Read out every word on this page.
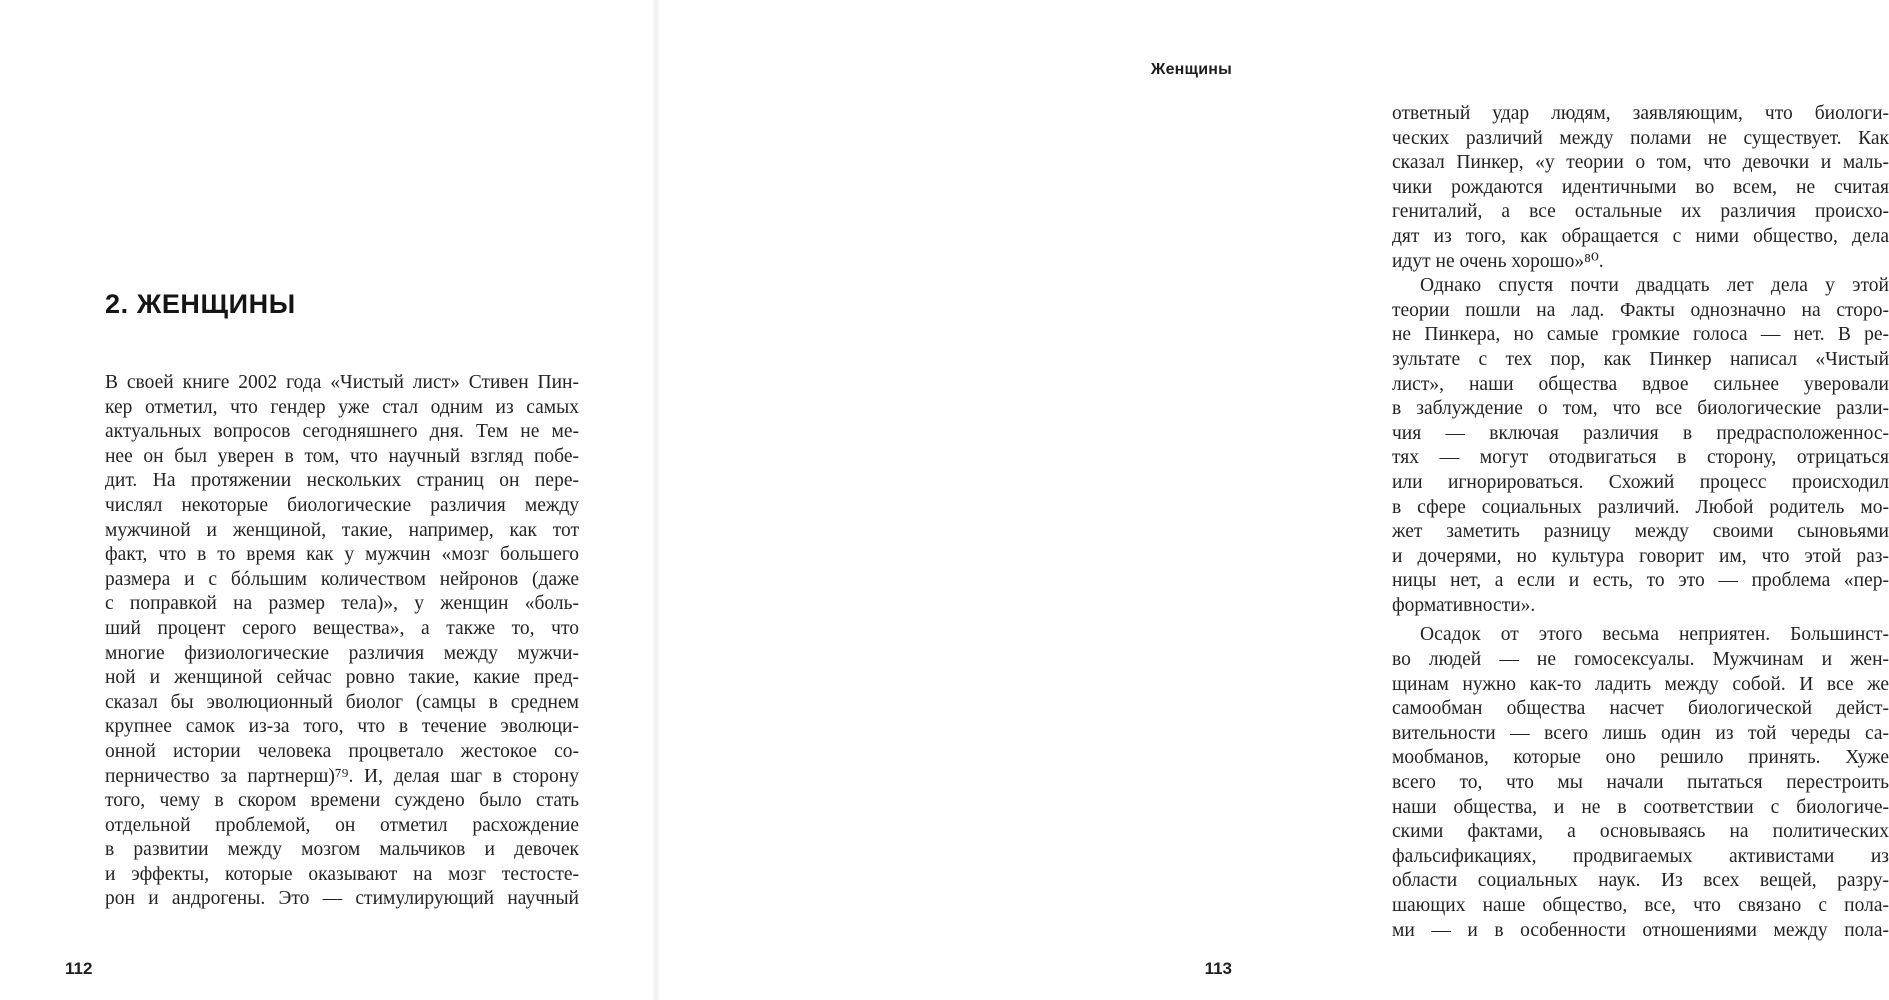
2. ЖЕНЩИНЫ
В своей книге 2002 года «Чистый лист» Стивен Пин-
кер отметил, что гендер уже стал одним из самых
актуальных вопросов сегодняшнего дня. Тем не ме-
нее он был уверен в том, что научный взгляд побе-
дит. На протяжении нескольких страниц он пере-
числял некоторые биологические различия между
мужчиной и женщиной, такие, например, как тот
факт, что в то время как у мужчин «мозг большего
размера и с бóльшим количеством нейронов (даже
с поправкой на размер тела)», у женщин «боль-
ший процент серого вещества», а также то, что
многие физиологические различия между мужчи-
ной и женщиной сейчас ровно такие, какие пред-
сказал бы эволюционный биолог (самцы в среднем
крупнее самок из-за того, что в течение эволюци-
онной истории человека процветало жестокое со-
перничество за партнерш)⁷⁹. И, делая шаг в сторону
того, чему в скором времени суждено было стать
отдельной проблемой, он отметил расхождение
в развитии между мозгом мальчиков и девочек
и эффекты, которые оказывают на мозг тестосте-
рон и андрогены. Это — стимулирующий научный
112
Женщины
ответный удар людям, заявляющим, что биологи-
ческих различий между полами не существует. Как
сказал Пинкер, «у теории о том, что девочки и маль-
чики рождаются идентичными во всем, не считая
гениталий, а все остальные их различия происхо-
дят из того, как обращается с ними общество, дела
идут не очень хорошо»⁸⁰.
Однако спустя почти двадцать лет дела у этой
теории пошли на лад. Факты однозначно на сторо-
не Пинкера, но самые громкие голоса — нет. В ре-
зультате с тех пор, как Пинкер написал «Чистый
лист», наши общества вдвое сильнее уверовали
в заблуждение о том, что все биологические разли-
чия — включая различия в предрасположеннос-
тях — могут отодвигаться в сторону, отрицаться
или игнорироваться. Схожий процесс происходил
в сфере социальных различий. Любой родитель мо-
жет заметить разницу между своими сыновьями
и дочерями, но культура говорит им, что этой раз-
ницы нет, а если и есть, то это — проблема «пер-
формативности».
Осадок от этого весьма неприятен. Большинст-
во людей — не гомосексуалы. Мужчинам и жен-
щинам нужно как-то ладить между собой. И все же
самообман общества насчет биологической дейст-
вительности — всего лишь один из той череды са-
мообманов, которые оно решило принять. Хуже
всего то, что мы начали пытаться перестроить
наши общества, и не в соответствии с биологиче-
скими фактами, а основываясь на политических
фальсификациях, продвигаемых активистами из
области социальных наук. Из всех вещей, разру-
шающих наше общество, все, что связано с пола-
ми — и в особенности отношениями между пола-
113
